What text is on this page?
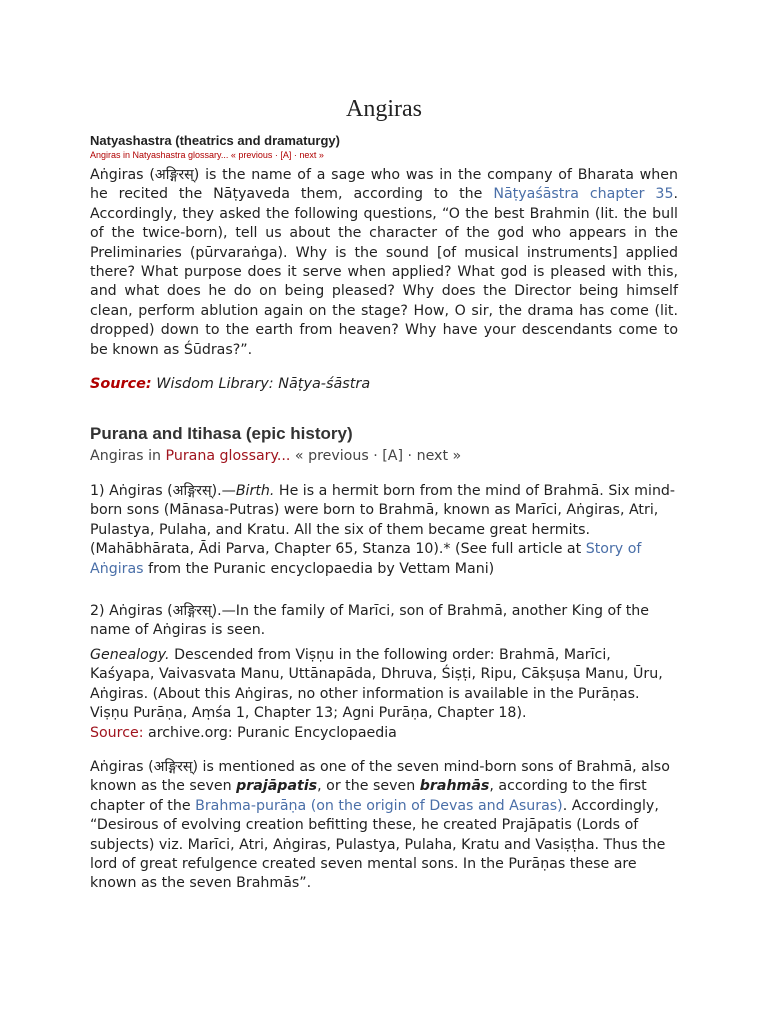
Angiras
Natyashastra (theatrics and dramaturgy)
Angiras in Natyashastra glossary... « previous · [A] · next »
Aṅgiras (अङ्गिरस्) is the name of a sage who was in the company of Bharata when he recited the Nāṭyaveda them, according to the Nāṭyaśāstra chapter 35. Accordingly, they asked the following questions, “O the best Brahmin (lit. the bull of the twice-born), tell us about the character of the god who appears in the Preliminaries (pūrvaraṅga). Why is the sound [of musical instruments] applied there? What purpose does it serve when applied? What god is pleased with this, and what does he do on being pleased? Why does the Director being himself clean, perform ablution again on the stage? How, O sir, the drama has come (lit. dropped) down to the earth from heaven? Why have your descendants come to be known as Śūdras?”.
Source: Wisdom Library: Nāṭya-śāstra
Purana and Itihasa (epic history)
Angiras in Purana glossary... « previous · [A] · next »
1) Aṅgiras (अङ्गिरस्).—Birth. He is a hermit born from the mind of Brahmā. Six mind-born sons (Mānasa-Putras) were born to Brahmā, known as Marīci, Aṅgiras, Atri, Pulastya, Pulaha, and Kratu. All the six of them became great hermits. (Mahābhārata, Ādi Parva, Chapter 65, Stanza 10).* (See full article at Story of Aṅgiras from the Puranic encyclopaedia by Vettam Mani)
2) Aṅgiras (अङ्गिरस्).—In the family of Marīci, son of Brahmā, another King of the name of Aṅgiras is seen.
Genealogy. Descended from Viṣṇu in the following order: Brahmā, Marīci, Kaśyapa, Vaivasvata Manu, Uttānapāda, Dhruva, Śiṣṭi, Ripu, Cākṣuṣa Manu, Ūru, Aṅgiras. (About this Aṅgiras, no other information is available in the Purāṇas. Viṣṇu Purāṇa, Aṃśa 1, Chapter 13; Agni Purāṇa, Chapter 18).
Source: archive.org: Puranic Encyclopaedia
Aṅgiras (अङ्गिरस्) is mentioned as one of the seven mind-born sons of Brahmā, also known as the seven prajāpatis, or the seven brahmās, according to the first chapter of the Brahma-purāṇa (on the origin of Devas and Asuras). Accordingly, “Desirous of evolving creation befitting these, he created Prajāpatis (Lords of subjects) viz. Marīci, Atri, Aṅgiras, Pulastya, Pulaha, Kratu and Vasiṣṭha. Thus the lord of great refulgence created seven mental sons. In the Purāṇas these are known as the seven Brahmās”.
